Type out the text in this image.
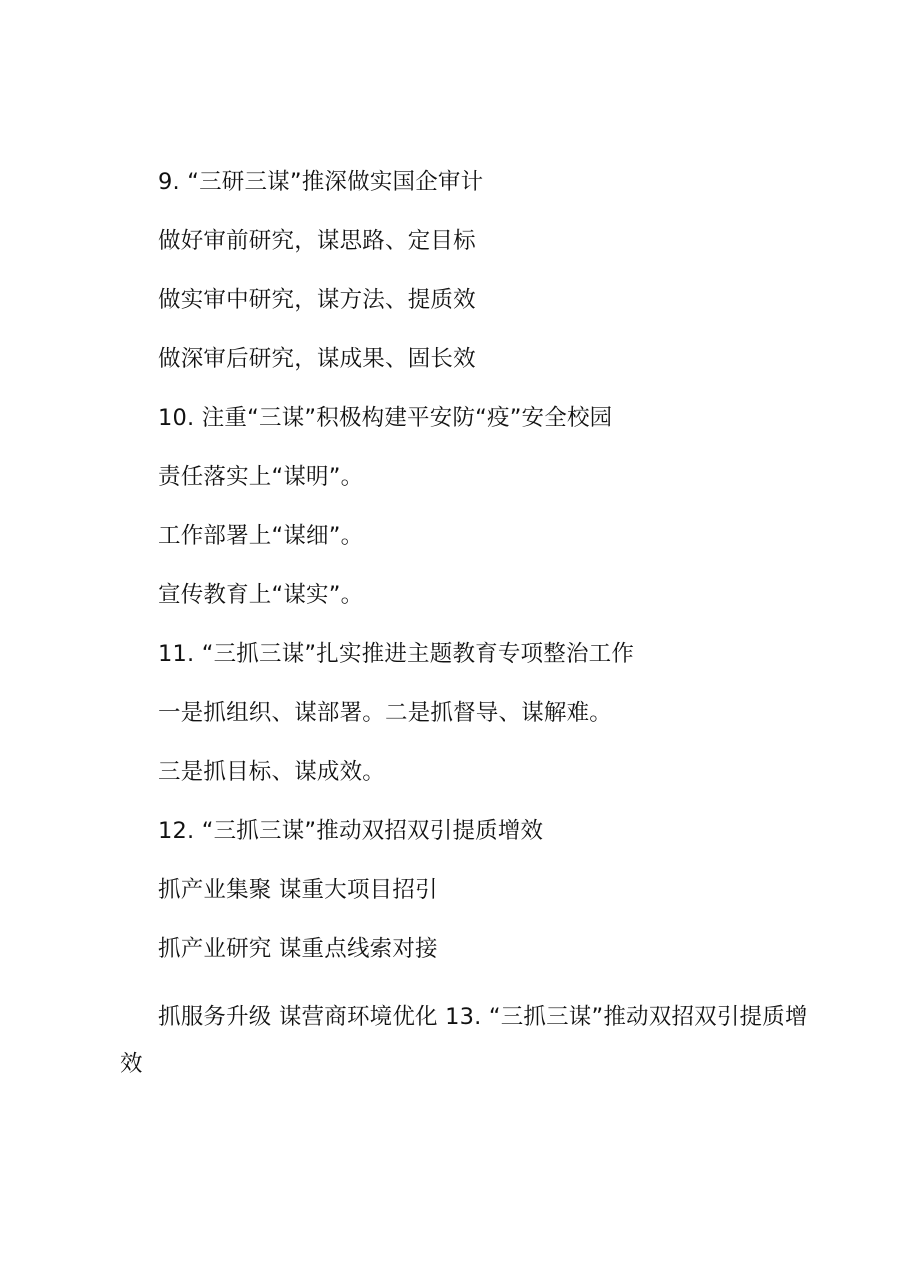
9. “三研三谋”推深做实国企审计
做好审前研究，谋思路、定目标
做实审中研究，谋方法、提质效
做深审后研究，谋成果、固长效
10. 注重“三谋”积极构建平安防“疫”安全校园
责任落实上“谋明”。
工作部署上“谋细”。
宣传教育上“谋实”。
11. “三抓三谋”扎实推进主题教育专项整治工作
一是抓组织、谋部署。二是抓督导、谋解难。
三是抓目标、谋成效。
12. “三抓三谋”推动双招双引提质增效
抓产业集聚 谋重大项目招引
抓产业研究 谋重点线索对接
抓服务升级 谋营商环境优化 13. “三抓三谋”推动双招双引提质增效
